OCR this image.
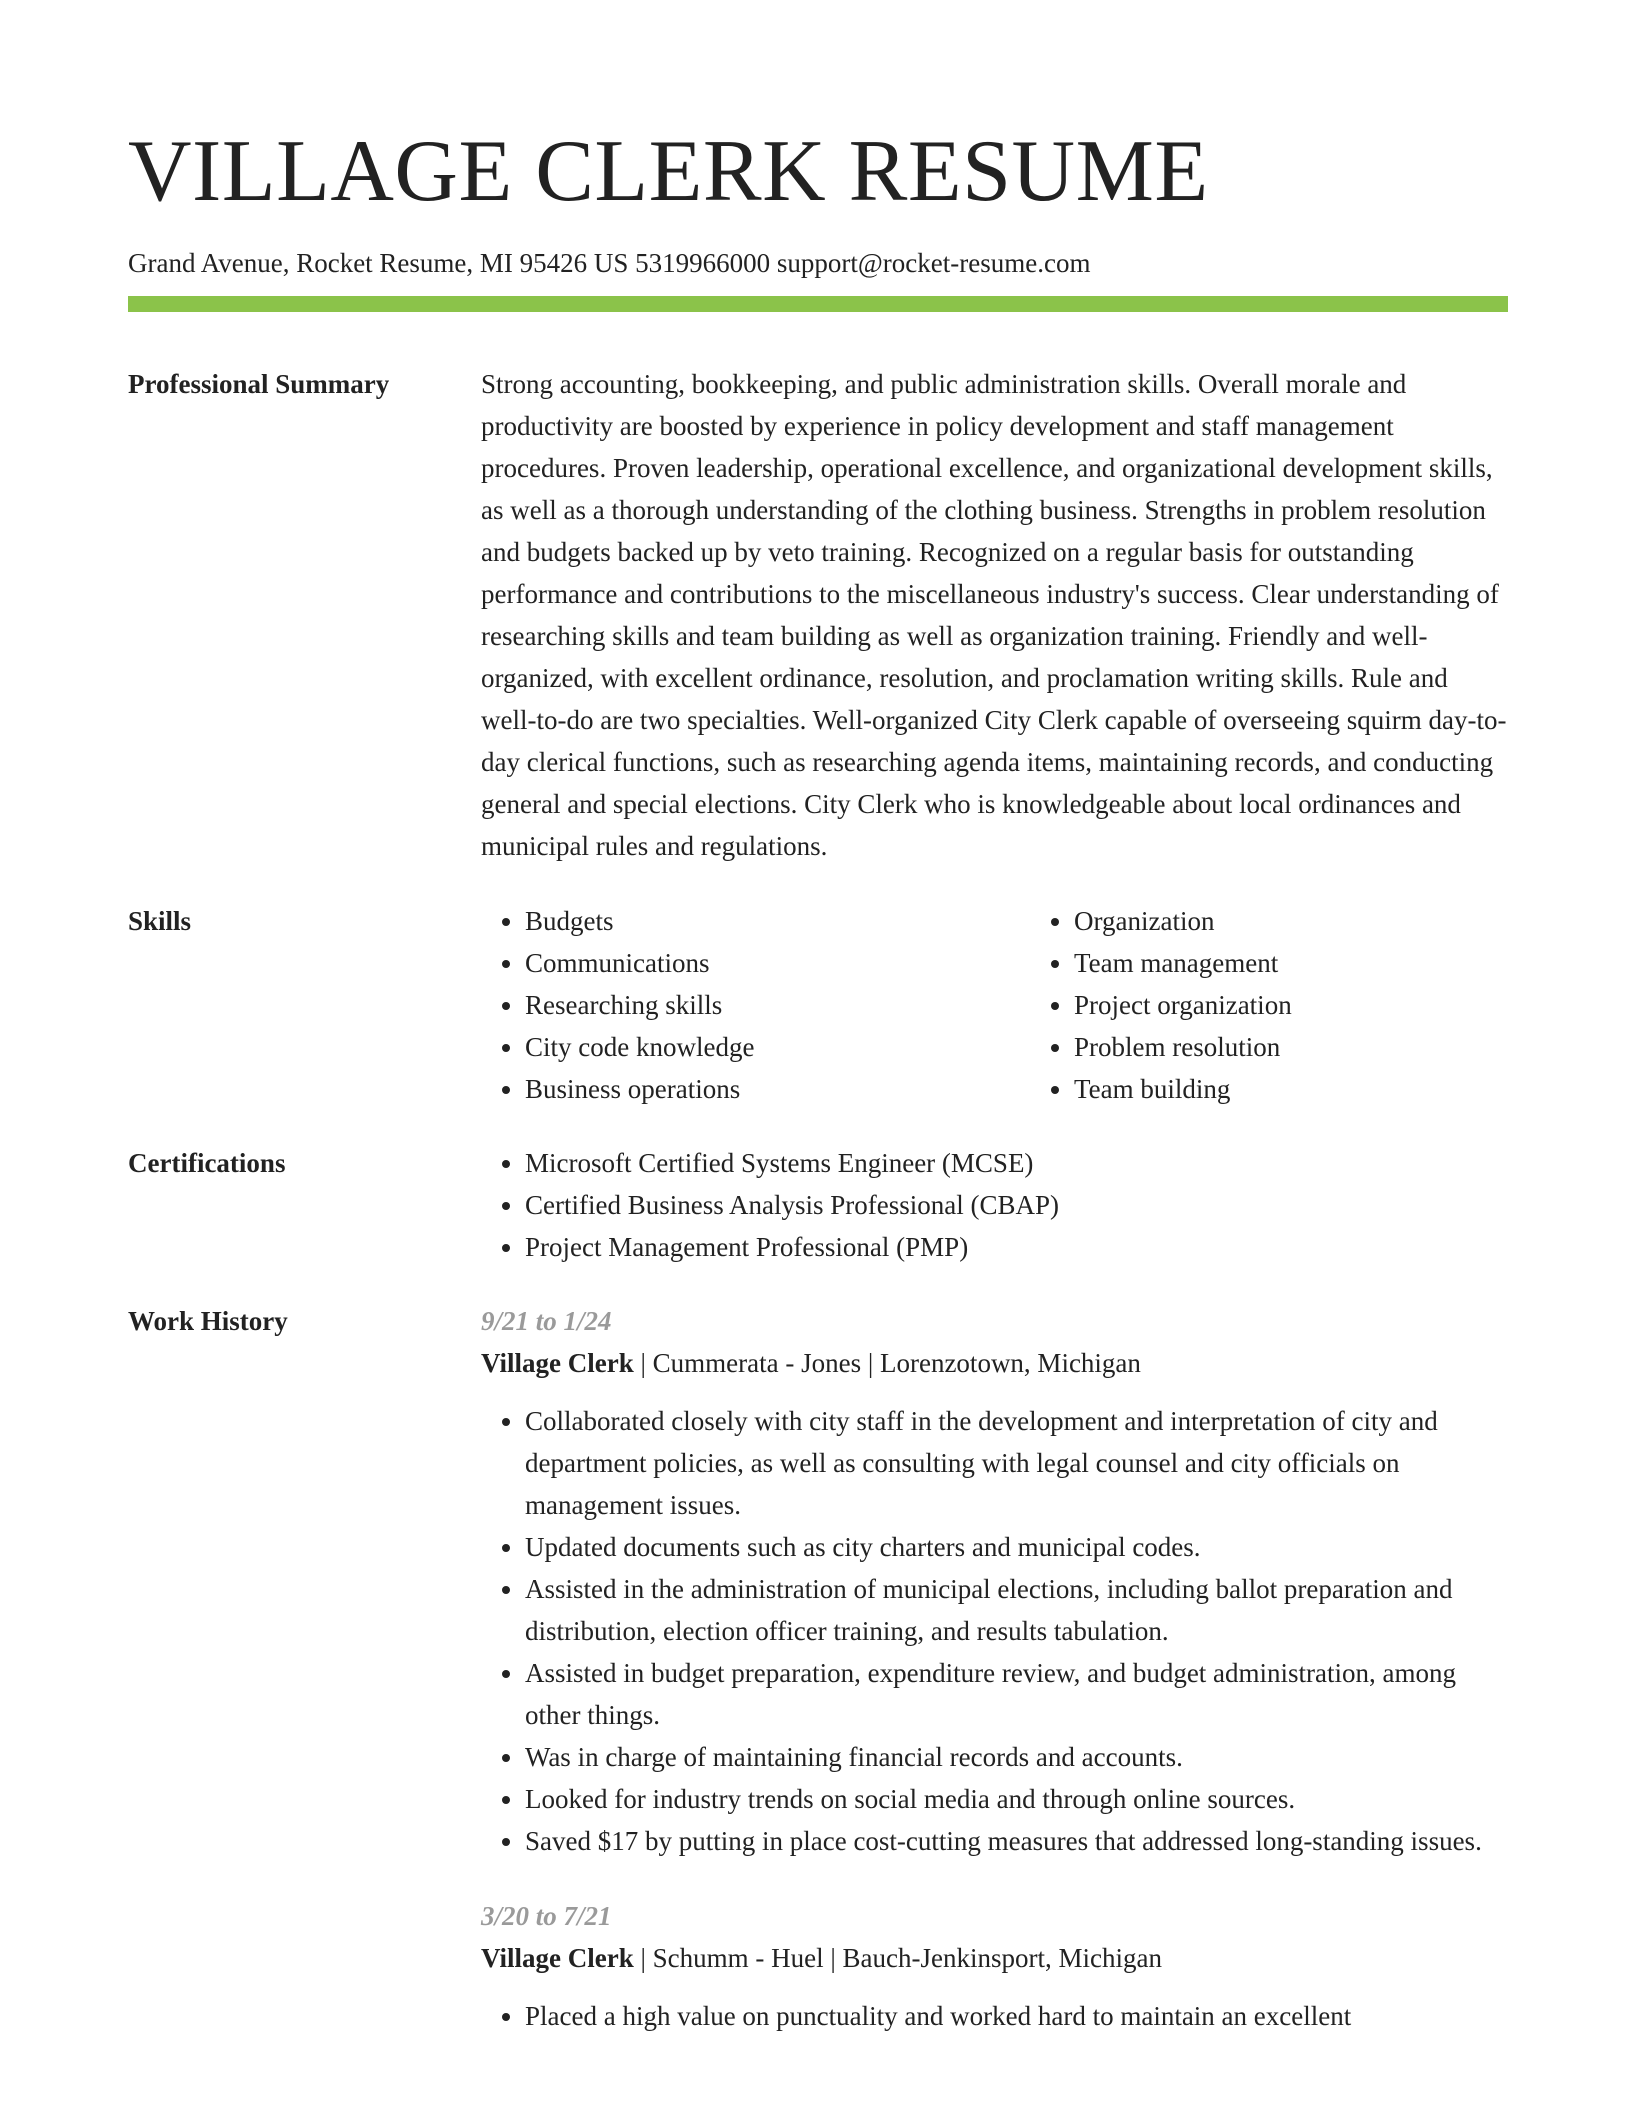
VILLAGE CLERK RESUME
Grand Avenue, Rocket Resume, MI 95426 US 5319966000 support@rocket-resume.com
Professional Summary	Strong accounting, bookkeeping, and public administration skills. Overall morale and productivity are boosted by experience in policy development and staff management procedures. Proven leadership, operational excellence, and organizational development skills, as well as a thorough understanding of the clothing business. Strengths in problem resolution and budgets backed up by veto training. Recognized on a regular basis for outstanding performance and contributions to the miscellaneous industry's success. Clear understanding of researching skills and team building as well as organization training. Friendly and well-organized, with excellent ordinance, resolution, and proclamation writing skills. Rule and well-to-do are two specialties. Well-organized City Clerk capable of overseeing squirm day-to-day clerical functions, such as researching agenda items, maintaining records, and conducting general and special elections. City Clerk who is knowledgeable about local ordinances and municipal rules and regulations.

Skills	• Budgets
• Communications
• Researching skills
• City code knowledge
• Business operations
• Organization
• Team management
• Project organization
• Problem resolution
• Team building
Certifications	• Microsoft Certified Systems Engineer (MCSE)
• Certified Business Analysis Professional (CBAP)
• Project Management Professional (PMP)
Work History	9/21 to 1/24
Village Clerk | Cummerata - Jones | Lorenzotown, Michigan
• Collaborated closely with city staff in the development and interpretation of city and department policies, as well as consulting with legal counsel and city officials on management issues.
• Updated documents such as city charters and municipal codes.
• Assisted in the administration of municipal elections, including ballot preparation and distribution, election officer training, and results tabulation.
• Assisted in budget preparation, expenditure review, and budget administration, among other things.
• Was in charge of maintaining financial records and accounts.
• Looked for industry trends on social media and through online sources.
• Saved $17 by putting in place cost-cutting measures that addressed long-standing issues.
3/20 to 7/21
Village Clerk | Schumm - Huel | Bauch-Jenkinsport, Michigan
• Placed a high value on punctuality and worked hard to maintain an excellent
